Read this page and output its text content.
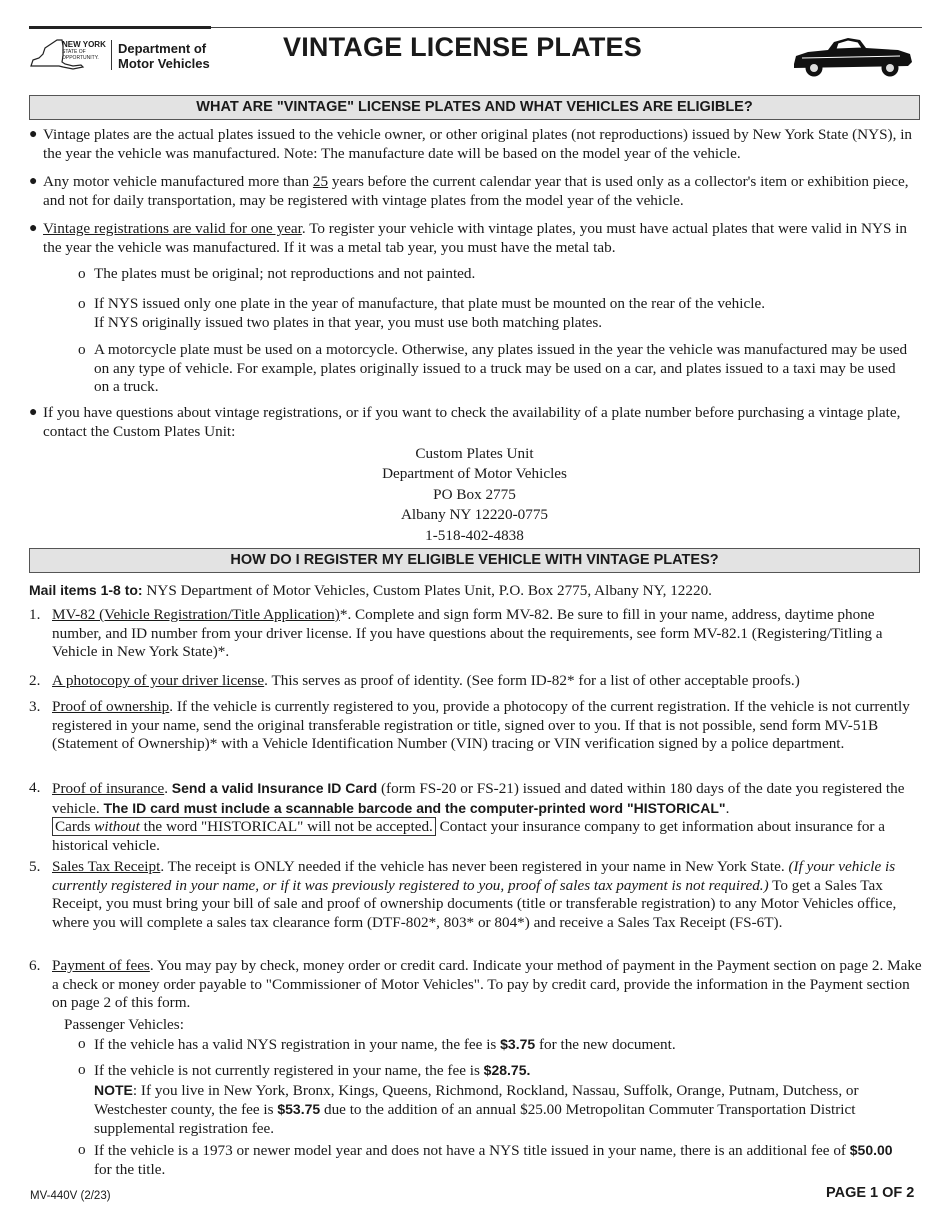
NEW YORK
STATE OF
OPPORTUNITY.
Department of
Motor Vehicles
VINTAGE LICENSE PLATES
WHAT ARE "VINTAGE" LICENSE PLATES AND WHAT VEHICLES ARE ELIGIBLE?
● Vintage plates are the actual plates issued to the vehicle owner, or other original plates (not reproductions) issued by New York State (NYS), in the year the vehicle was manufactured. Note: The manufacture date will be based on the model year of the vehicle.
● Any motor vehicle manufactured more than 25 years before the current calendar year that is used only as a collector's item or exhibition piece, and not for daily transportation, may be registered with vintage plates from the model year of the vehicle.
● Vintage registrations are valid for one year. To register your vehicle with vintage plates, you must have actual plates that were valid in NYS in the year the vehicle was manufactured. If it was a metal tab year, you must have the metal tab.
o The plates must be original; not reproductions and not painted.
o If NYS issued only one plate in the year of manufacture, that plate must be mounted on the rear of the vehicle.
If NYS originally issued two plates in that year, you must use both matching plates.
o A motorcycle plate must be used on a motorcycle. Otherwise, any plates issued in the year the vehicle was manufactured may be used on any type of vehicle. For example, plates originally issued to a truck may be used on a car, and plates issued to a taxi may be used on a truck.
● If you have questions about vintage registrations, or if you want to check the availability of a plate number before purchasing a vintage plate, contact the Custom Plates Unit:
Custom Plates Unit
Department of Motor Vehicles
PO Box 2775
Albany NY 12220-0775
1-518-402-4838
HOW DO I REGISTER MY ELIGIBLE VEHICLE WITH VINTAGE PLATES?
Mail items 1-8 to: NYS Department of Motor Vehicles, Custom Plates Unit, P.O. Box 2775, Albany NY, 12220.
1. MV-82 (Vehicle Registration/Title Application)*. Complete and sign form MV-82. Be sure to fill in your name, address, daytime phone number, and ID number from your driver license. If you have questions about the requirements, see form MV-82.1 (Registering/Titling a Vehicle in New York State)*.
2. A photocopy of your driver license. This serves as proof of identity. (See form ID-82* for a list of other acceptable proofs.)
3. Proof of ownership. If the vehicle is currently registered to you, provide a photocopy of the current registration. If the vehicle is not currently registered in your name, send the original transferable registration or title, signed over to you. If that is not possible, send form MV-51B (Statement of Ownership)* with a Vehicle Identification Number (VIN) tracing or VIN verification signed by a police department.
4. Proof of insurance. Send a valid Insurance ID Card (form FS-20 or FS-21) issued and dated within 180 days of the date you registered the vehicle. The ID card must include a scannable barcode and the computer-printed word "HISTORICAL".
Cards without the word "HISTORICAL" will not be accepted. Contact your insurance company to get information about insurance for a historical vehicle.
5. Sales Tax Receipt. The receipt is ONLY needed if the vehicle has never been registered in your name in New York State. (If your vehicle is currently registered in your name, or if it was previously registered to you, proof of sales tax payment is not required.) To get a Sales Tax Receipt, you must bring your bill of sale and proof of ownership documents (title or transferable registration) to any Motor Vehicles office, where you will complete a sales tax clearance form (DTF-802*, 803* or 804*) and receive a Sales Tax Receipt (FS-6T).
6. Payment of fees. You may pay by check, money order or credit card. Indicate your method of payment in the Payment section on page 2. Make a check or money order payable to "Commissioner of Motor Vehicles". To pay by credit card, provide the information in the Payment section on page 2 of this form.
Passenger Vehicles:
o If the vehicle has a valid NYS registration in your name, the fee is $3.75 for the new document.
o If the vehicle is not currently registered in your name, the fee is $28.75.
NOTE: If you live in New York, Bronx, Kings, Queens, Richmond, Rockland, Nassau, Suffolk, Orange, Putnam, Dutchess, or Westchester county, the fee is $53.75 due to the addition of an annual $25.00 Metropolitan Commuter Transportation District supplemental registration fee.
o If the vehicle is a 1973 or newer model year and does not have a NYS title issued in your name, there is an additional fee of $50.00 for the title.
MV-440V (2/23)	PAGE 1 OF 2
